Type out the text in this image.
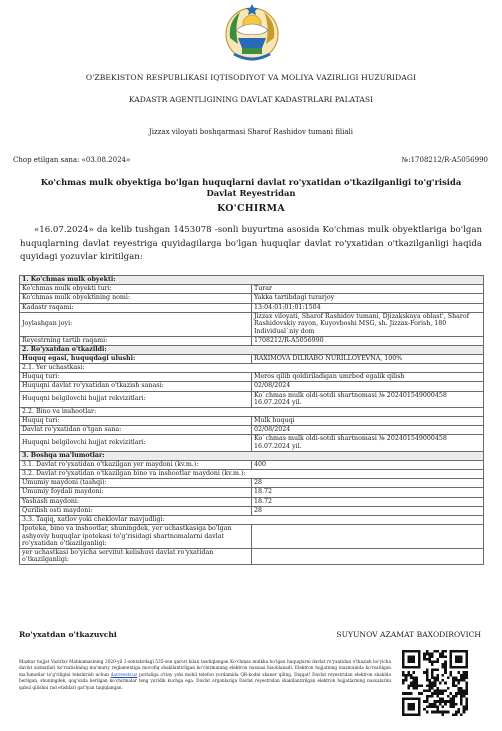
O'ZBEKISTON RESPUBLIKASI IQTISODIYOT VA MOLIYA VAZIRLIGI HUZURIDAGI
KADASTR AGENTLIGINING DAVLAT KADASTRLARI PALATASI
Jizzax viloyati boshqarmasi Sharof Rashidov tumani filiali
Chop etilgan sana: «03.08.2024»	№:1708212/R-A5056990
Ko'chmas mulk obyektiga bo'lgan huquqlarni davlat ro'yxatidan o'tkazilganligi to'g'risida Davlat Reyestridan
KO'CHIRMA
«16.07.2024» da kelib tushgan 1453078 -sonli buyurtma asosida Ko'chmas mulk obyektlariga bo'lgan huquqlarning davlat reyestriga quyidagilarga bo'lgan huquqlar davlat ro'yxatidan o'tkazilganligi haqida quyidagi yozuvlar kiritilgan:
1. Ko'chmas mulk obyekti:	
Ko'chmas mulk obyekti turi:	Turar
Ko'chmas mulk obyektining nomi:	Yakka tartibdagi turarjoy
Kadastr raqami:	13:04:01:01:01:1504
Joylashgan joyi:	Jizzax viloyati, Sharof Rashidov tumani, Djizakskaya oblast', Sharof Rashidovskiy rayon, Kuyovboshi MSG, sh. Jizzax-Forish, 180 Individual`niy dom
Reyestrning tartib raqami:	1708212/R-A5056990
2. Ro'yxatdan o'tkazildi:	
Huquq egasi, huquqdagi ulushi:	RAXIMOVA DILRABO NURILLOYEVNA, 100%
2.1. Yer uchastkasi:	
Huquq turi:	Meros qilib qoldiriladigan umrbod egalik qilish
Huquqni davlat ro'yxatidan o'tkazish sanasi:	02/08/2024
Huquqni belgilovchi hujjat rekvizitlari:	Ko`chmas mulk oldi-sotdi shartnomasi № 202401549000458 16.07.2024 yil.
2.2. Bino va inshootlar:	
Huquq turi:	Mulk huquqi
Davlat ro'yxatidan o'tgan sana:	02/08/2024
Huquqni belgilovchi hujjat rekvizitlari:	Ko`chmas mulk oldi-sotdi shartnomasi № 202401549000458 16.07.2024 yil.
3. Boshqa ma'lumotlar:	
3.1. Davlat ro'yxatidan o'tkazilgan yer maydoni (kv.m.):	400
3.2. Davlat ro'yxatidan o'tkazilgan bino va inshootlar maydoni (kv.m.):	
Umumiy maydoni (tashqi):	28
Umumiy foydali maydoni:	18.72
Yashash maydoni:	18.72
Qurilish osti maydoni:	28
3.3. Taqiq, xatlov yoki cheklovlar mavjudligi:	
Ipoteka, bino va inshootlar, shuningdek, yer uchastkasiga bo'lgan ashyoviy huquqlar ipotekasi to'g'risidagi shartnomalarni davlat ro'yxatidan o'tkazilganligi:	
yer uchastkasi bo'yicha servitut kelishuvi davlat ro'yxatidan o'tkazilganligi:	
Ro'yxatdan o'tkazuvchi	SUYUNOV AZAMAT BAXODIROVICH
Mazkur hujjat Vazirlar Mahkamasining 2020-yil 2-sentabrdagi 535-son qarori bilan tasdiqlangan Ko'chmas mulkka bo'lgan huquqlarni davlat ro'yxatidan o'tkazish bo'yicha davlat xizmatlari ko'rsatishning ma'muriy reglamentiga muvofiq shakllantirilgan ko'chirmaning elektron nusxasi hisoblanadi. Elektron hujjatning mazmunida ko'rsatilgan ma'lumotlar to'g'riligini tekshirish uchun davreestr.uz portaliga o'tiny yoki mobil telefon yordamida QR-kodni skaner qiling. Diqqat! Davlat reyestridan elektron shaklda berilgan, shuningdek, qog'ozda berilgan ko'chirmalar teng yuridik kuchga ega. Davlat organlariga Davlat reyestridan shakllantirilgan elektron hujjatlarning nusxalarini qabul qilishni rad etishlari qat'iyan taqiqlangan.
